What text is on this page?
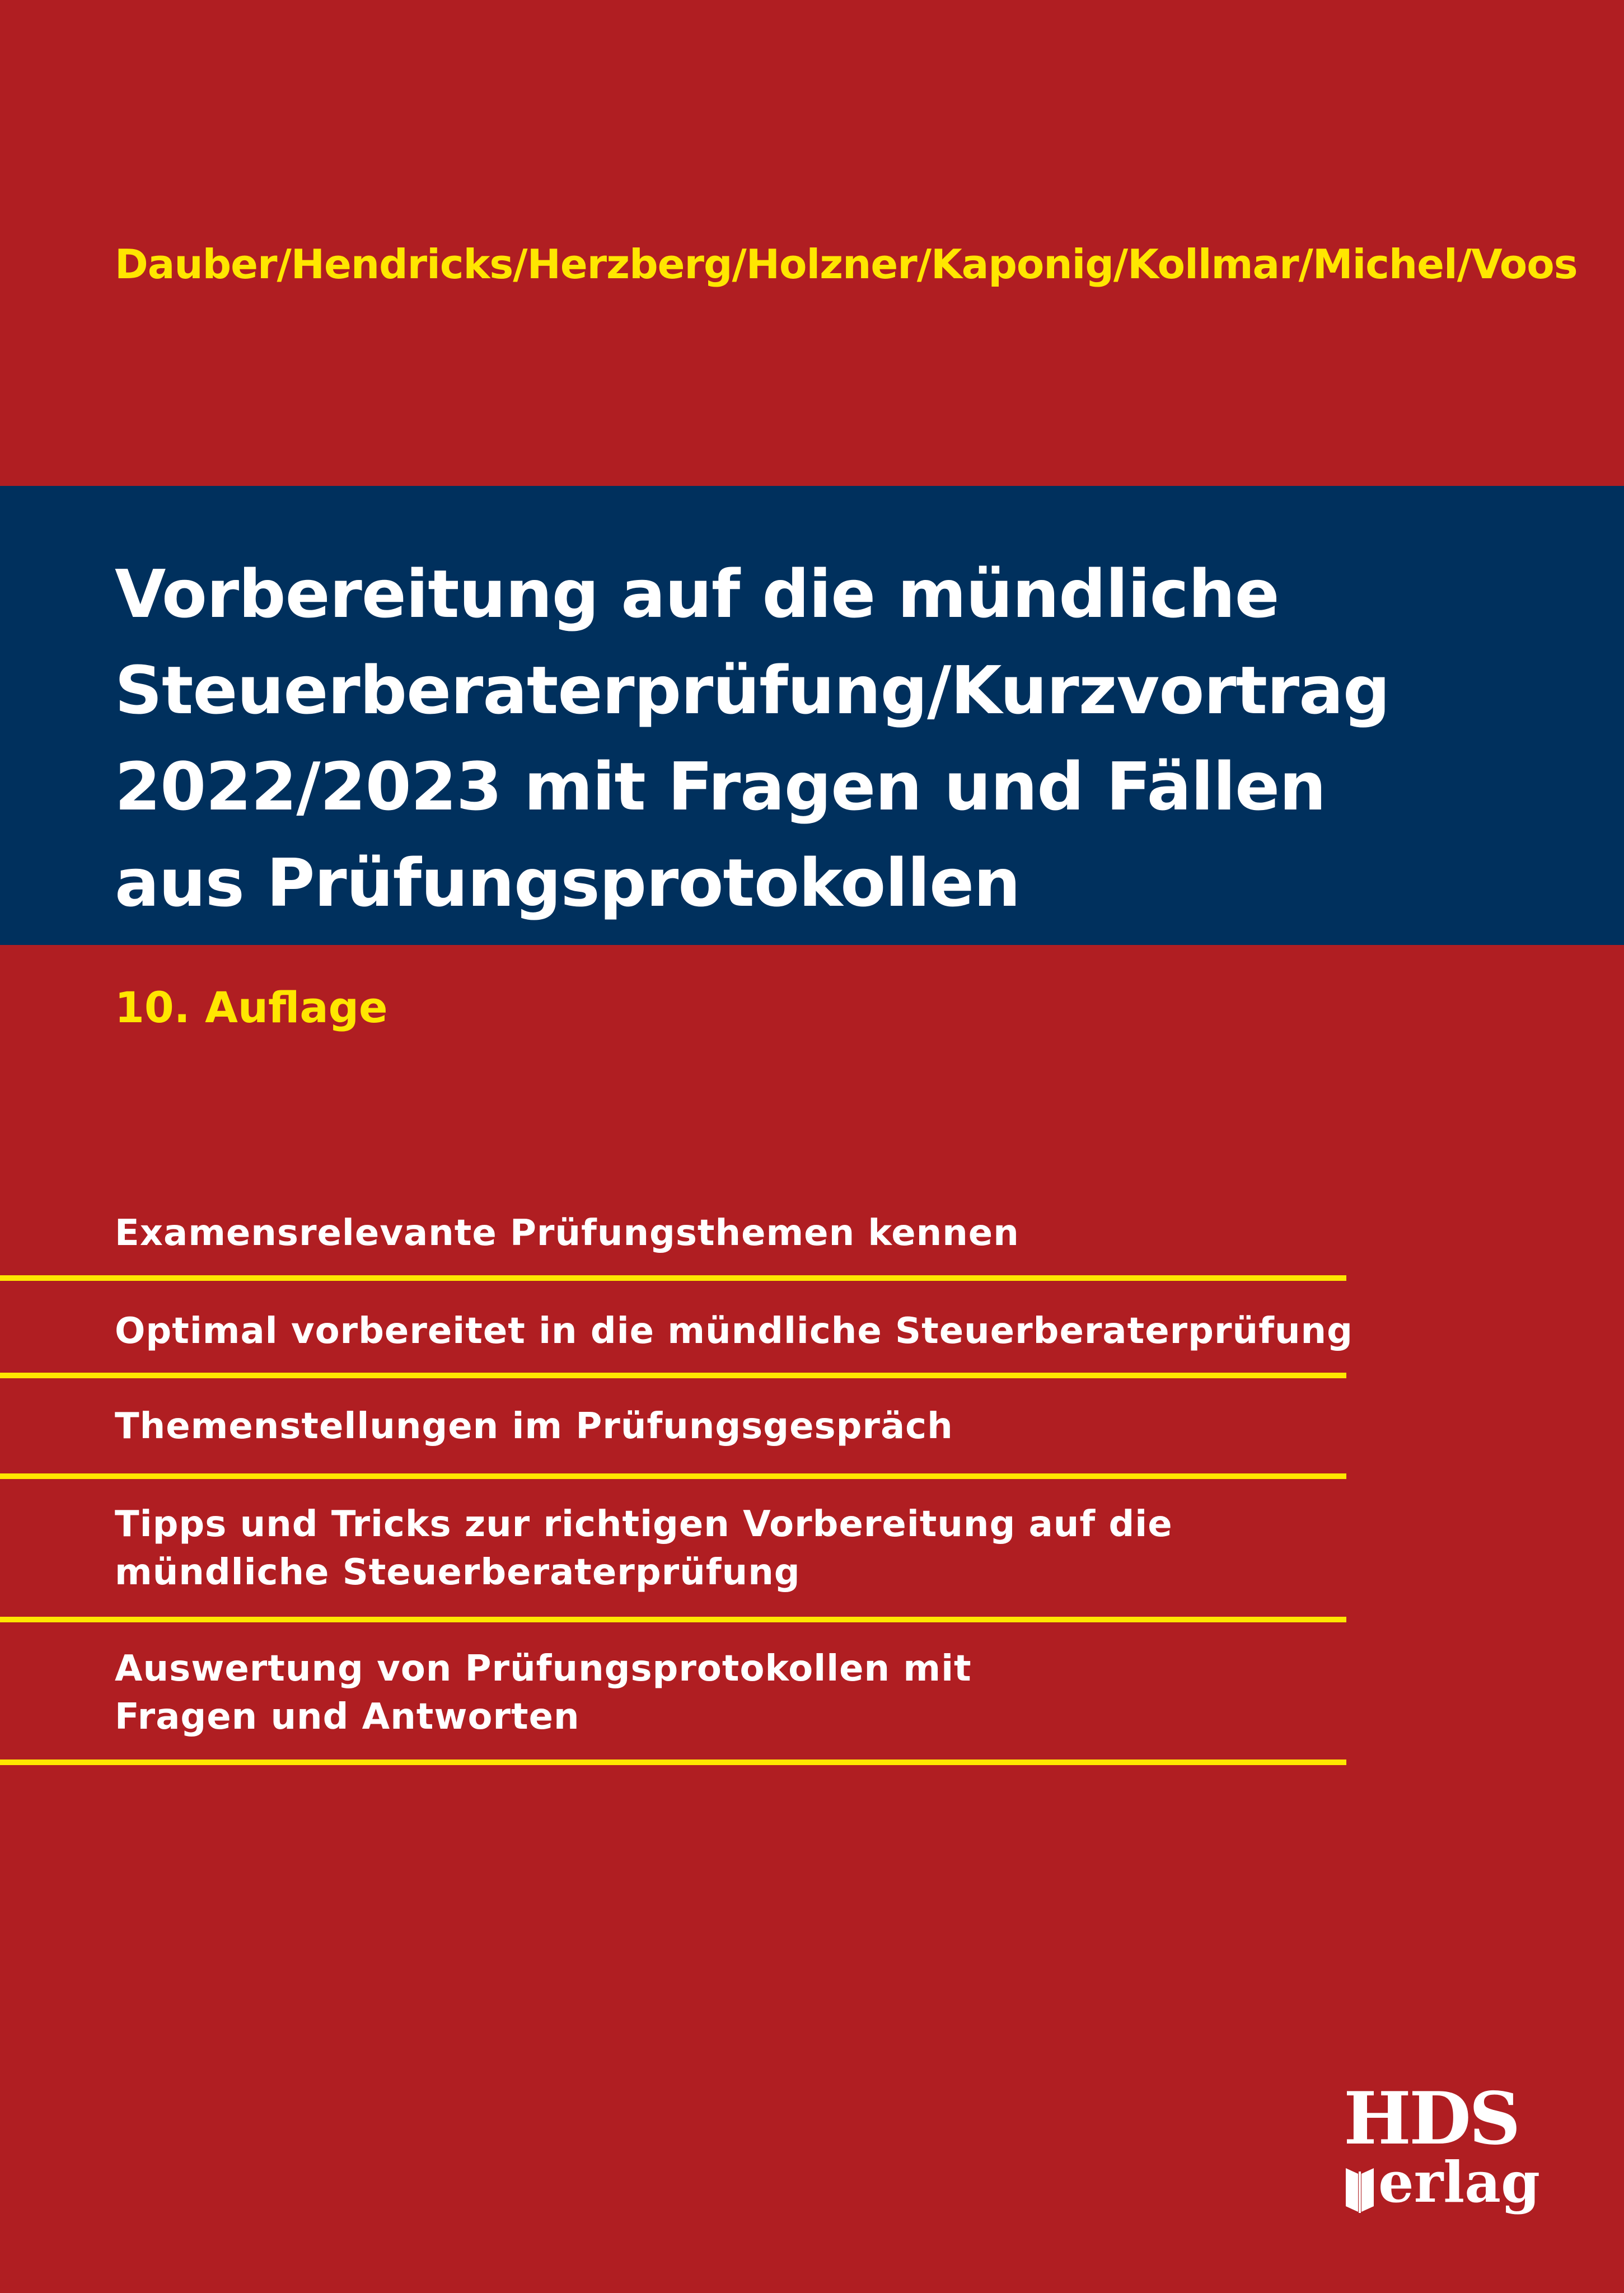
Dauber/Hendricks/Herzberg/Holzner/Kaponig/Kollmar/Michel/Voos
Vorbereitung auf die mündliche
Steuerberaterprüfung/Kurzvortrag
2022/2023 mit Fragen und Fällen
aus Prüfungsprotokollen
10. Auflage
Examensrelevante Prüfungsthemen kennen
Optimal vorbereitet in die mündliche Steuerberaterprüfung
Themenstellungen im Prüfungsgespräch
Tipps und Tricks zur richtigen Vorbereitung auf die
mündliche Steuerberaterprüfung
Auswertung von Prüfungsprotokollen mit
Fragen und Antworten
HDS
erlag
